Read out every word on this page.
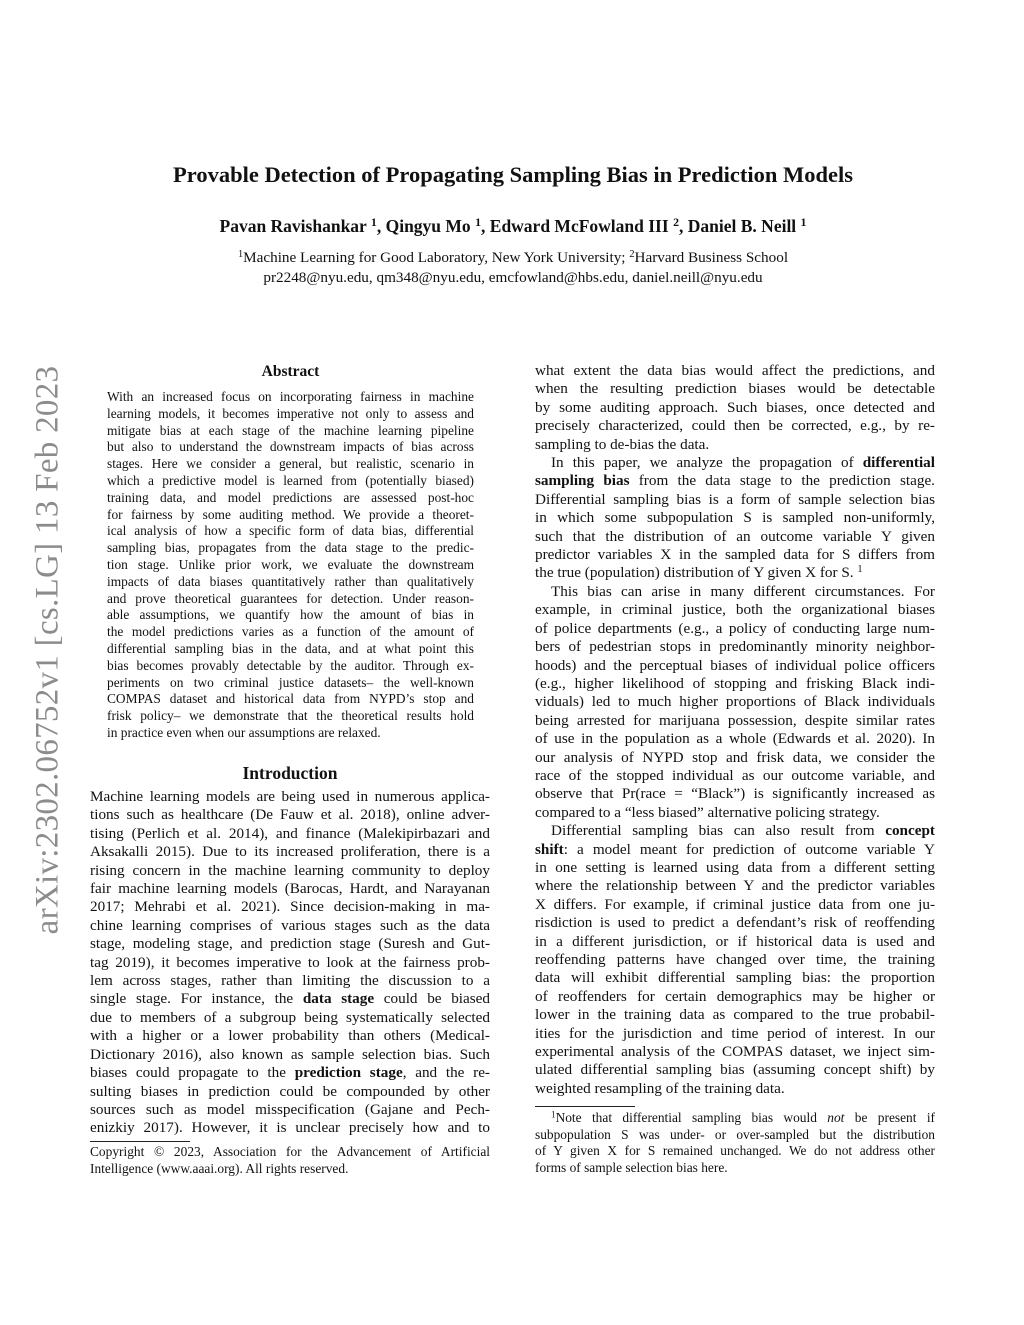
arXiv:2302.06752v1 [cs.LG] 13 Feb 2023
Provable Detection of Propagating Sampling Bias in Prediction Models
Pavan Ravishankar $^1$, Qingyu Mo $^1$, Edward McFowland III $^2$, Daniel B. Neill $^1$
$^1$Machine Learning for Good Laboratory, New York University; $^2$Harvard Business School
pr2248@nyu.edu, qm348@nyu.edu, emcfowland@hbs.edu, daniel.neill@nyu.edu
Abstract
With an increased focus on incorporating fairness in machine
learning models, it becomes imperative not only to assess and
mitigate bias at each stage of the machine learning pipeline
but also to understand the downstream impacts of bias across
stages. Here we consider a general, but realistic, scenario in
which a predictive model is learned from (potentially biased)
training data, and model predictions are assessed post-hoc
for fairness by some auditing method. We provide a theoret-
ical analysis of how a specific form of data bias, differential
sampling bias, propagates from the data stage to the predic-
tion stage. Unlike prior work, we evaluate the downstream
impacts of data biases quantitatively rather than qualitatively
and prove theoretical guarantees for detection. Under reason-
able assumptions, we quantify how the amount of bias in
the model predictions varies as a function of the amount of
differential sampling bias in the data, and at what point this
bias becomes provably detectable by the auditor. Through ex-
periments on two criminal justice datasets– the well-known
COMPAS dataset and historical data from NYPD’s stop and
frisk policy– we demonstrate that the theoretical results hold
in practice even when our assumptions are relaxed.
Introduction
Machine learning models are being used in numerous applica-
tions such as healthcare (De Fauw et al. 2018), online adver-
tising (Perlich et al. 2014), and finance (Malekipirbazari and
Aksakalli 2015). Due to its increased proliferation, there is a
rising concern in the machine learning community to deploy
fair machine learning models (Barocas, Hardt, and Narayanan
2017; Mehrabi et al. 2021). Since decision-making in ma-
chine learning comprises of various stages such as the data
stage, modeling stage, and prediction stage (Suresh and Gut-
tag 2019), it becomes imperative to look at the fairness prob-
lem across stages, rather than limiting the discussion to a
single stage. For instance, the data stage could be biased
due to members of a subgroup being systematically selected
with a higher or a lower probability than others (Medical-
Dictionary 2016), also known as sample selection bias. Such
biases could propagate to the prediction stage, and the re-
sulting biases in prediction could be compounded by other
sources such as model misspecification (Gajane and Pech-
enizkiy 2017). However, it is unclear precisely how and to
Copyright © 2023, Association for the Advancement of Artificial
Intelligence (www.aaai.org). All rights reserved.
what extent the data bias would affect the predictions, and
when the resulting prediction biases would be detectable
by some auditing approach. Such biases, once detected and
precisely characterized, could then be corrected, e.g., by re-
sampling to de-bias the data.
In this paper, we analyze the propagation of differential
sampling bias from the data stage to the prediction stage.
Differential sampling bias is a form of sample selection bias
in which some subpopulation S is sampled non-uniformly,
such that the distribution of an outcome variable Y given
predictor variables X in the sampled data for S differs from
the true (population) distribution of Y given X for S. $^1$
This bias can arise in many different circumstances. For
example, in criminal justice, both the organizational biases
of police departments (e.g., a policy of conducting large num-
bers of pedestrian stops in predominantly minority neighbor-
hoods) and the perceptual biases of individual police officers
(e.g., higher likelihood of stopping and frisking Black indi-
viduals) led to much higher proportions of Black individuals
being arrested for marijuana possession, despite similar rates
of use in the population as a whole (Edwards et al. 2020). In
our analysis of NYPD stop and frisk data, we consider the
race of the stopped individual as our outcome variable, and
observe that Pr(race = “Black”) is significantly increased as
compared to a “less biased” alternative policing strategy.
Differential sampling bias can also result from concept
shift: a model meant for prediction of outcome variable Y
in one setting is learned using data from a different setting
where the relationship between Y and the predictor variables
X differs. For example, if criminal justice data from one ju-
risdiction is used to predict a defendant’s risk of reoffending
in a different jurisdiction, or if historical data is used and
reoffending patterns have changed over time, the training
data will exhibit differential sampling bias: the proportion
of reoffenders for certain demographics may be higher or
lower in the training data as compared to the true probabil-
ities for the jurisdiction and time period of interest. In our
experimental analysis of the COMPAS dataset, we inject sim-
ulated differential sampling bias (assuming concept shift) by
weighted resampling of the training data.
$^1$Note that differential sampling bias would not be present if
subpopulation S was under- or over-sampled but the distribution
of Y given X for S remained unchanged. We do not address other
forms of sample selection bias here.
